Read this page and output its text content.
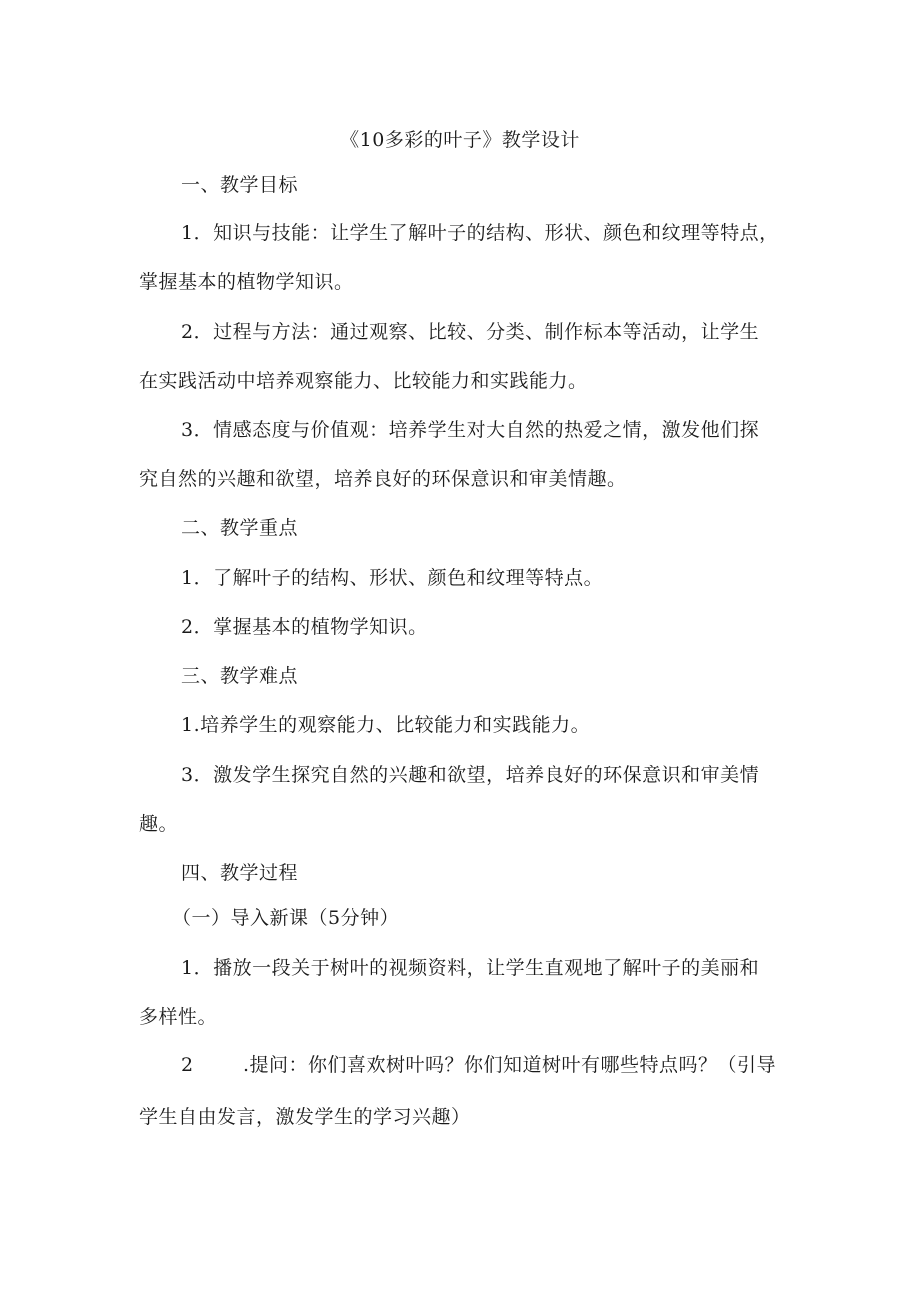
《10多彩的叶子》教学设计
一、教学目标
1．知识与技能：让学生了解叶子的结构、形状、颜色和纹理等特点，
掌握基本的植物学知识。
2．过程与方法：通过观察、比较、分类、制作标本等活动，让学生
在实践活动中培养观察能力、比较能力和实践能力。
3．情感态度与价值观：培养学生对大自然的热爱之情，激发他们探
究自然的兴趣和欲望，培养良好的环保意识和审美情趣。
二、教学重点
1．了解叶子的结构、形状、颜色和纹理等特点。
2．掌握基本的植物学知识。
三、教学难点
1.培养学生的观察能力、比较能力和实践能力。
3．激发学生探究自然的兴趣和欲望，培养良好的环保意识和审美情
趣。
四、教学过程
（一）导入新课（5分钟）
1．播放一段关于树叶的视频资料，让学生直观地了解叶子的美丽和
多样性。
2	.提问：你们喜欢树叶吗？你们知道树叶有哪些特点吗？（引导
学生自由发言，激发学生的学习兴趣）
